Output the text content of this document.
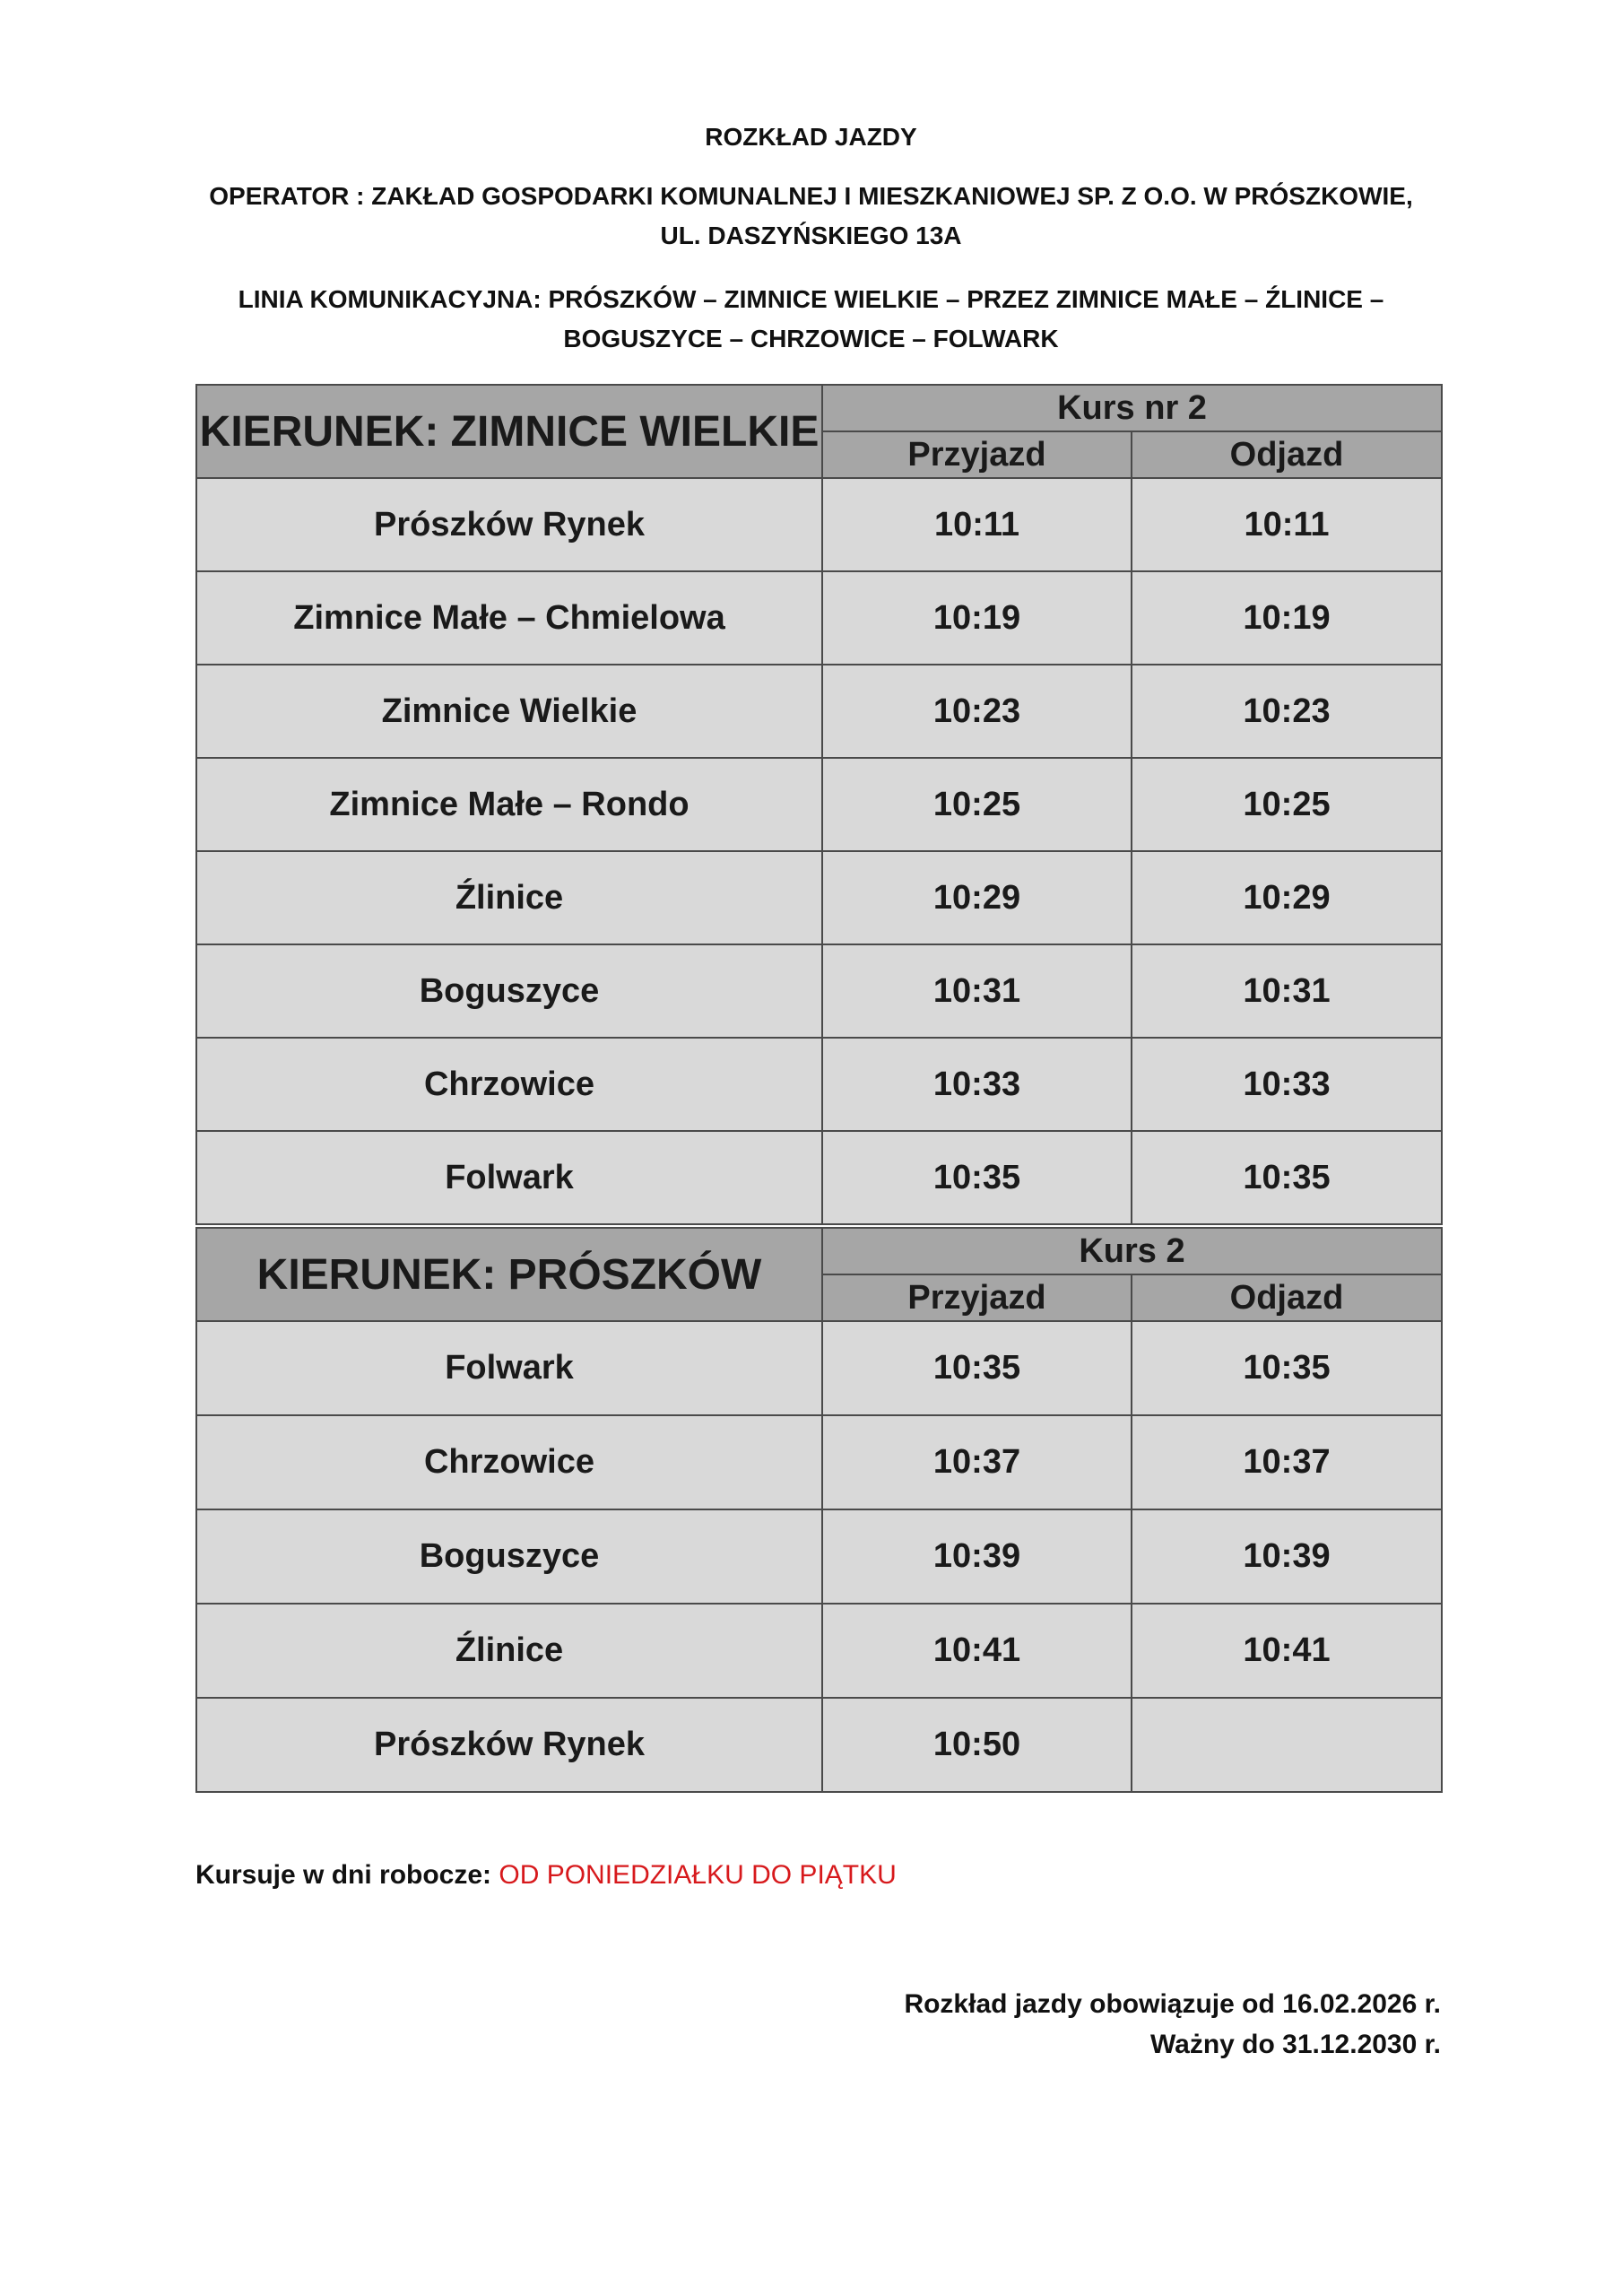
ROZKŁAD JAZDY
OPERATOR : ZAKŁAD GOSPODARKI KOMUNALNEJ I MIESZKANIOWEJ SP. Z O.O. W PRÓSZKOWIE,
UL. DASZYŃSKIEGO 13A
LINIA KOMUNIKACYJNA: PRÓSZKÓW – ZIMNICE WIELKIE – PRZEZ ZIMNICE MAŁE – ŹLINICE –
BOGUSZYCE – CHRZOWICE – FOLWARK
KIERUNEK: ZIMNICE WIELKIE	Kurs nr 2	
	Przyjazd	Odjazd
Prószków Rynek	10:11	10:11
Zimnice Małe – Chmielowa	10:19	10:19
Zimnice Wielkie	10:23	10:23
Zimnice Małe – Rondo	10:25	10:25
Źlinice	10:29	10:29
Boguszyce	10:31	10:31
Chrzowice	10:33	10:33
Folwark	10:35	10:35
KIERUNEK: PRÓSZKÓW	Kurs 2	
	Przyjazd	Odjazd
Folwark	10:35	10:35
Chrzowice	10:37	10:37
Boguszyce	10:39	10:39
Źlinice	10:41	10:41
Prószków Rynek	10:50	
Kursuje w dni robocze: OD PONIEDZIAŁKU DO PIĄTKU
Rozkład jazdy obowiązuje od 16.02.2026 r.
Ważny do 31.12.2030 r.
